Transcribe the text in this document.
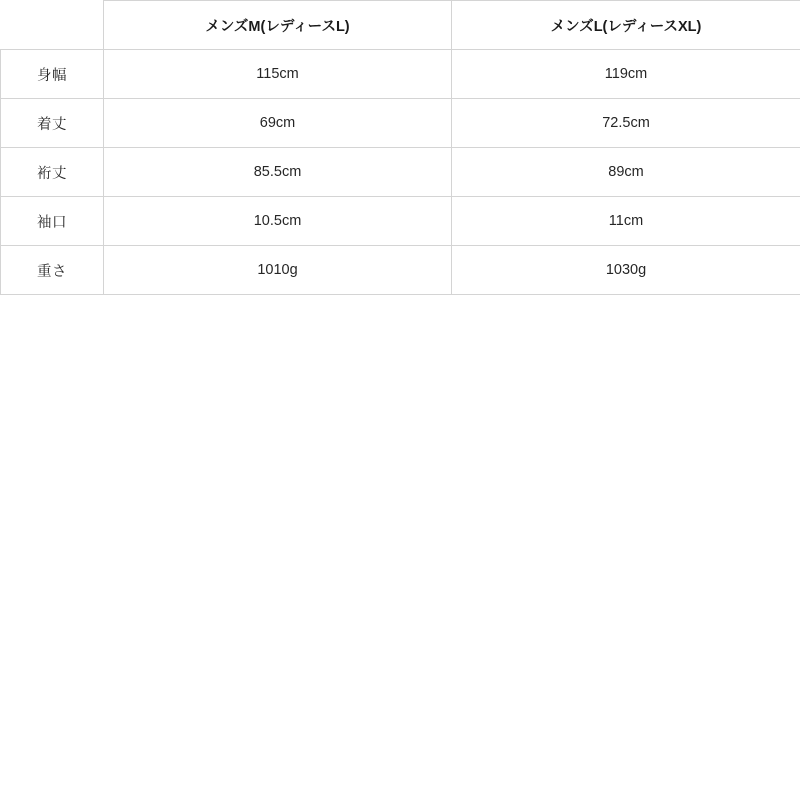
	メンズM(レディースL)	メンズL(レディースXL)
身幅	115cm	119cm
着丈	69cm	72.5cm
裄丈	85.5cm	89cm
袖口	10.5cm	11cm
重さ	1010g	1030g
